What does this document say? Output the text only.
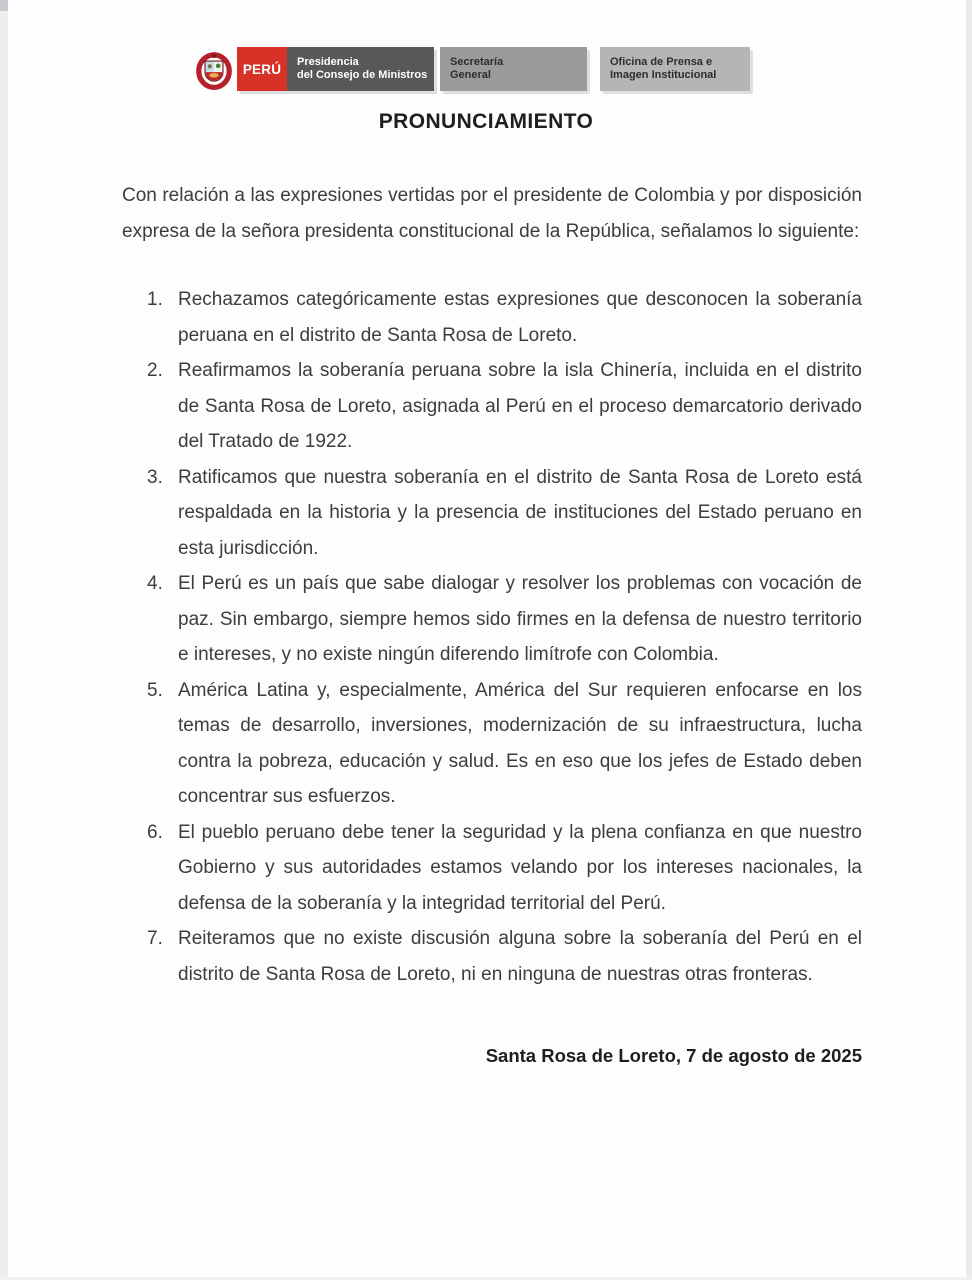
PERÚ Presidencia
del Consejo de Ministros
Secretaría
General
Oficina de Prensa e
Imagen Institucional
PRONUNCIAMIENTO

Con relación a las expresiones vertidas por el presidente de Colombia y por disposición expresa de la señora presidenta constitucional de la República, señalamos lo siguiente:

1. Rechazamos categóricamente estas expresiones que desconocen la soberanía peruana en el distrito de Santa Rosa de Loreto.
2. Reafirmamos la soberanía peruana sobre la isla Chinería, incluida en el distrito de Santa Rosa de Loreto, asignada al Perú en el proceso demarcatorio derivado del Tratado de 1922.
3. Ratificamos que nuestra soberanía en el distrito de Santa Rosa de Loreto está respaldada en la historia y la presencia de instituciones del Estado peruano en esta jurisdicción.
4. El Perú es un país que sabe dialogar y resolver los problemas con vocación de paz. Sin embargo, siempre hemos sido firmes en la defensa de nuestro territorio e intereses, y no existe ningún diferendo limítrofe con Colombia.
5. América Latina y, especialmente, América del Sur requieren enfocarse en los temas de desarrollo, inversiones, modernización de su infraestructura, lucha contra la pobreza, educación y salud. Es en eso que los jefes de Estado deben concentrar sus esfuerzos.
6. El pueblo peruano debe tener la seguridad y la plena confianza en que nuestro Gobierno y sus autoridades estamos velando por los intereses nacionales, la defensa de la soberanía y la integridad territorial del Perú.
7. Reiteramos que no existe discusión alguna sobre la soberanía del Perú en el distrito de Santa Rosa de Loreto, ni en ninguna de nuestras otras fronteras.
Santa Rosa de Loreto, 7 de agosto de 2025
